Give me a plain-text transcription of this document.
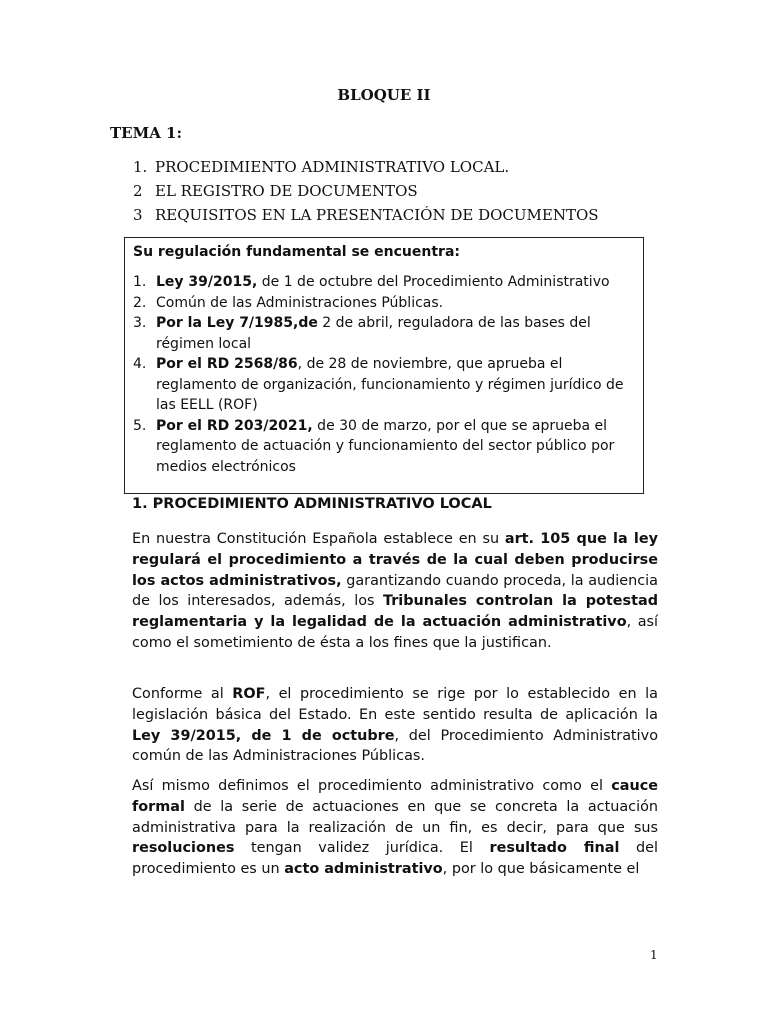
BLOQUE II
TEMA 1:
1. PROCEDIMIENTO ADMINISTRATIVO LOCAL.
2 EL REGISTRO DE DOCUMENTOS
3 REQUISITOS EN LA PRESENTACIÓN DE DOCUMENTOS
Su regulación fundamental se encuentra:
1. Ley 39/2015, de 1 de octubre del Procedimiento Administrativo
2. Común de las Administraciones Públicas.
3. Por la Ley 7/1985,de 2 de abril, reguladora de las bases del régimen local
4. Por el RD 2568/86, de 28 de noviembre, que aprueba el reglamento de organización, funcionamiento y régimen jurídico de las EELL (ROF)
5. Por el RD 203/2021, de 30 de marzo, por el que se aprueba el reglamento de actuación y funcionamiento del sector público por medios electrónicos
1. PROCEDIMIENTO ADMINISTRATIVO LOCAL

En nuestra Constitución Española establece en su art. 105 que la ley regulará el procedimiento a través de la cual deben producirse los actos administrativos, garantizando cuando proceda, la audiencia de los interesados, además, los Tribunales controlan la potestad reglamentaria y la legalidad de la actuación administrativo, así como el sometimiento de ésta a los fines que la justifican.

Conforme al ROF, el procedimiento se rige por lo establecido en la legislación básica del Estado. En este sentido resulta de aplicación la Ley 39/2015, de 1 de octubre, del Procedimiento Administrativo común de las Administraciones Públicas.

Así mismo definimos el procedimiento administrativo como el cauce formal de la serie de actuaciones en que se concreta la actuación administrativa para la realización de un fin, es decir, para que sus resoluciones tengan validez jurídica. El resultado final del procedimiento es un acto administrativo, por lo que básicamente el

1
